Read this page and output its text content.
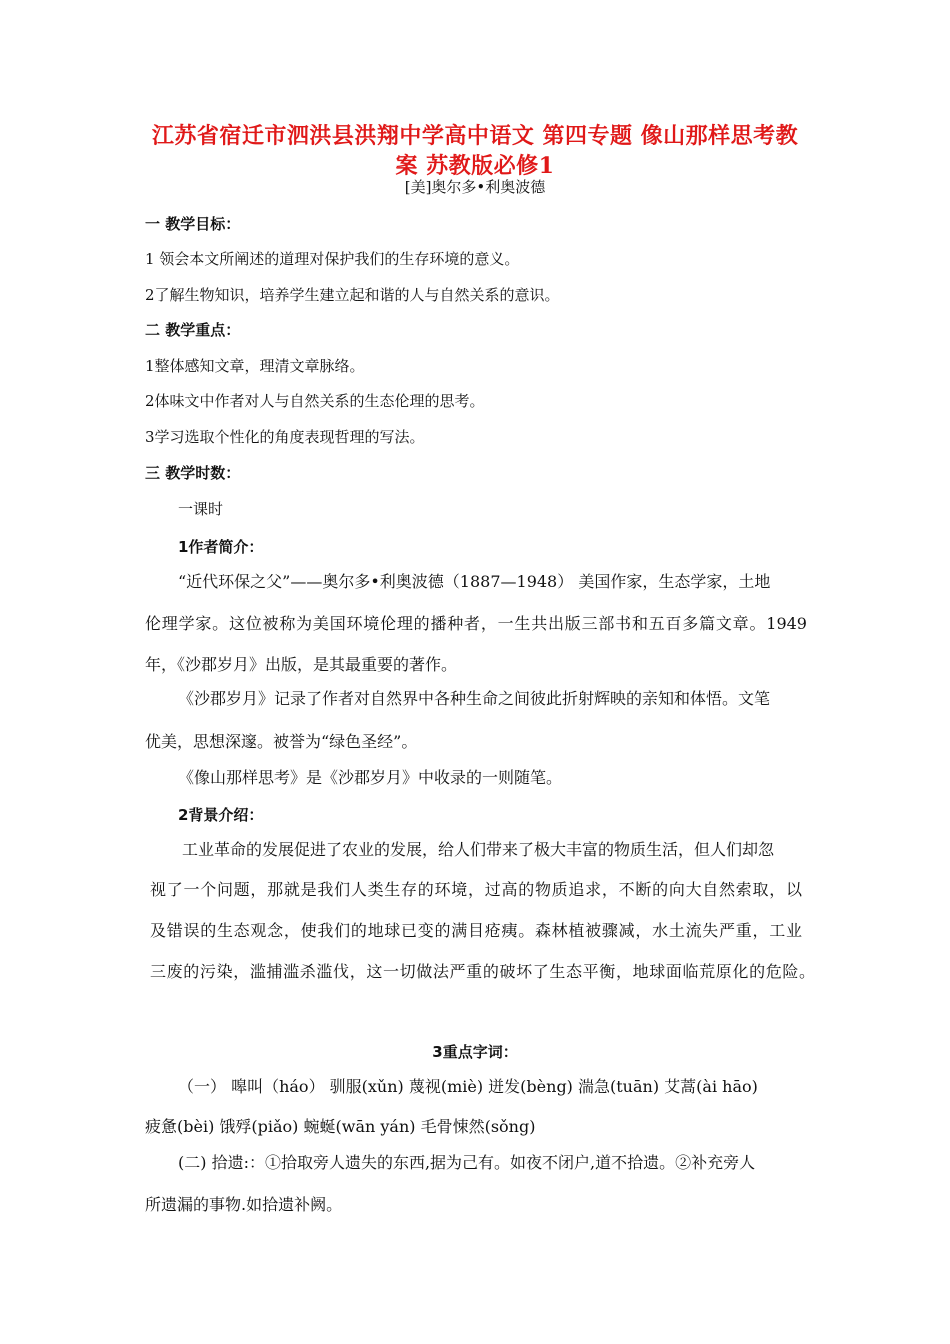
江苏省宿迁市泗洪县洪翔中学高中语文 第四专题 像山那样思考教
案 苏教版必修1
[美]奥尔多•利奥波德
一 教学目标：
1 领会本文所阐述的道理对保护我们的生存环境的意义。
2了解生物知识，培养学生建立起和谐的人与自然关系的意识。
二 教学重点：
1整体感知文章，理清文章脉络。
2体味文中作者对人与自然关系的生态伦理的思考。
3学习选取个性化的角度表现哲理的写法。
三 教学时数：
一课时
1作者简介：
“近代环保之父”——奥尔多•利奥波德（1887—1948） 美国作家，生态学家，土地
伦理学家。这位被称为美国环境伦理的播种者，一生共出版三部书和五百多篇文章。1949
年，《沙郡岁月》出版，是其最重要的著作。
《沙郡岁月》记录了作者对自然界中各种生命之间彼此折射辉映的亲知和体悟。文笔
优美，思想深邃。被誉为“绿色圣经”。
《像山那样思考》是《沙郡岁月》中收录的一则随笔。
2背景介绍：
工业革命的发展促进了农业的发展，给人们带来了极大丰富的物质生活，但人们却忽
视了一个问题，那就是我们人类生存的环境，过高的物质追求，不断的向大自然索取，以
及错误的生态观念，使我们的地球已变的满目疮痍。森林植被骤减，水土流失严重，工业
三废的污染，滥捕滥杀滥伐，这一切做法严重的破坏了生态平衡，地球面临荒原化的危险。
3重点字词：
（一） 嗥叫（háo） 驯服(xǔn) 蔑视(miè) 迸发(bèng) 湍急(tuān) 艾蒿(ài hāo)
疲惫(bèi) 饿殍(piǎo) 蜿蜒(wān yán) 毛骨悚然(sǒng)
(二) 拾遗:：①拾取旁人遗失的东西,据为己有。如夜不闭户,道不拾遗。②补充旁人
所遗漏的事物.如拾遗补阙。
